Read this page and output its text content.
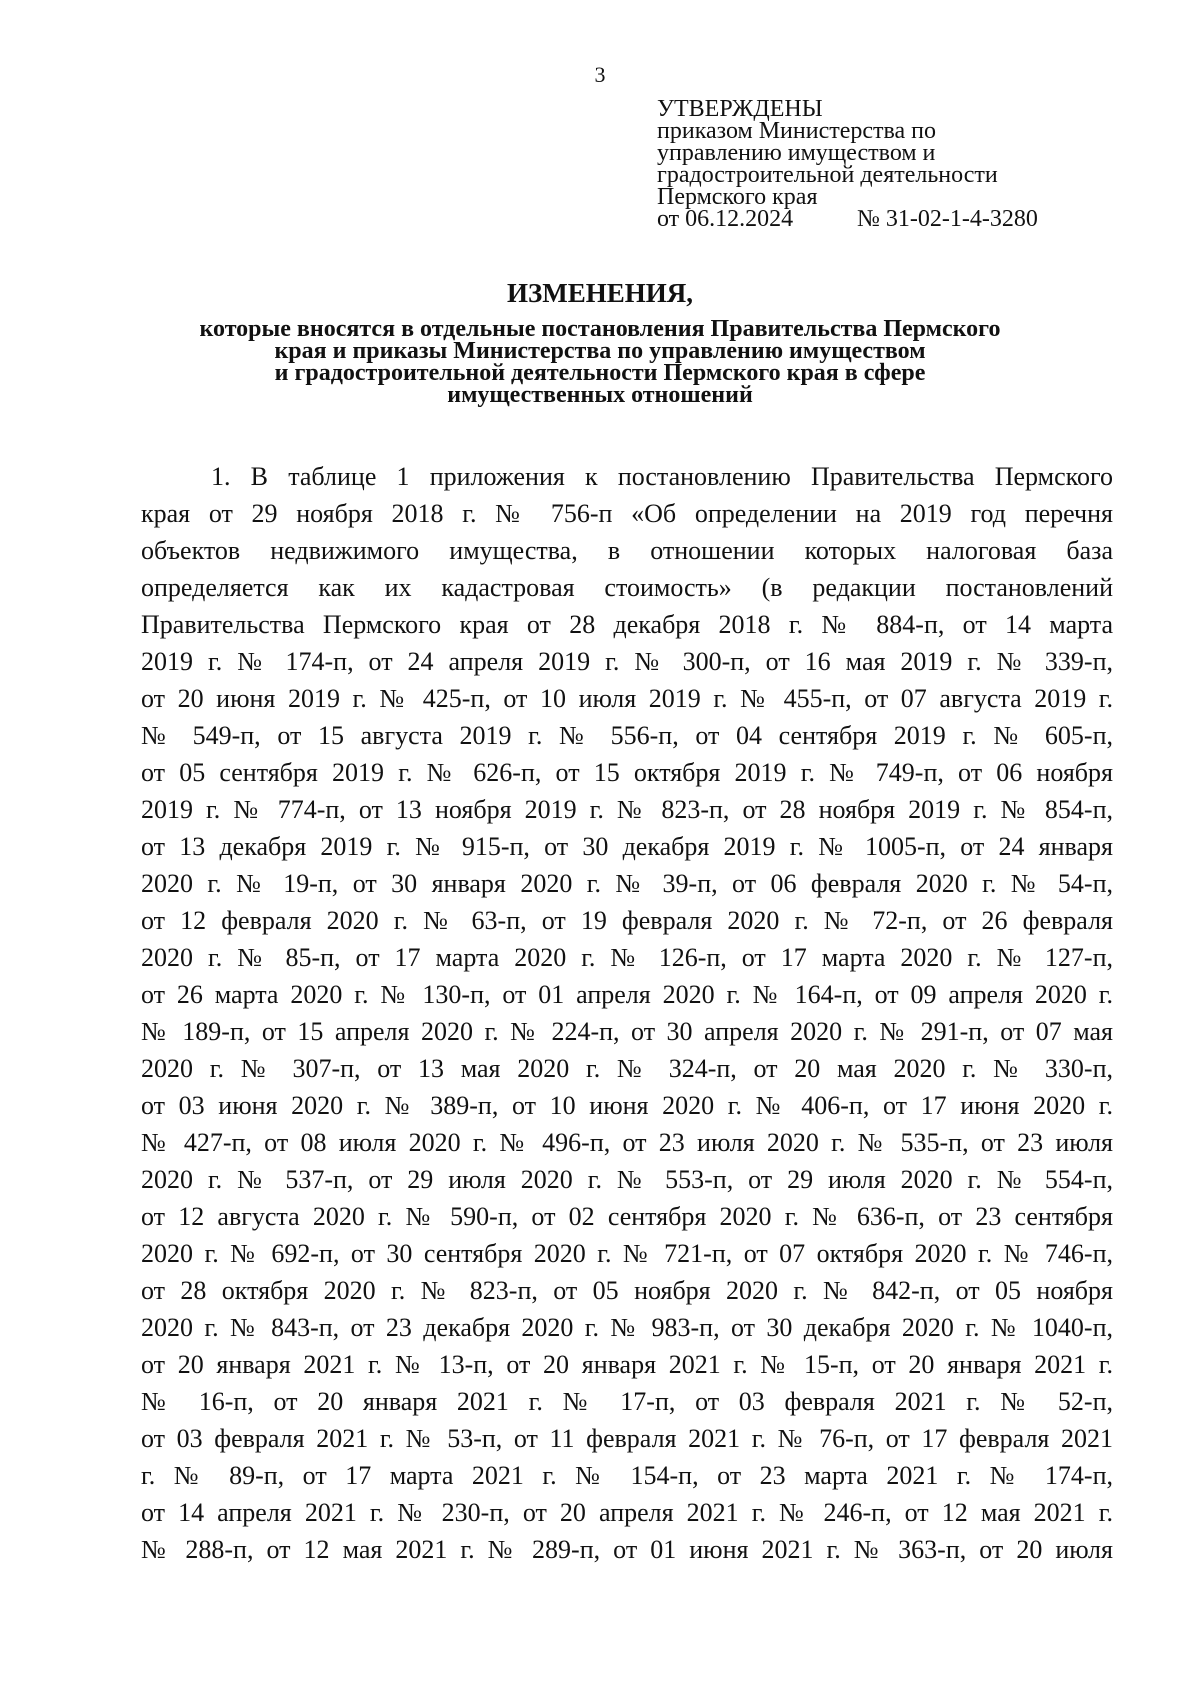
3
УТВЕРЖДЕНЫ
приказом Министерства по
управлению имуществом и
градостроительной деятельности
Пермского края
от 06.12.2024	№ 31-02-1-4-3280
ИЗМЕНЕНИЯ,
которые вносятся в отдельные постановления Правительства Пермского
края и приказы Министерства по управлению имуществом
и градостроительной деятельности Пермского края в сфере
имущественных отношений
1. В таблице 1 приложения к постановлению Правительства Пермского
края от 29 ноября 2018 г. № 756-п «Об определении на 2019 год перечня
объектов недвижимого имущества, в отношении которых налоговая база
определяется как их кадастровая стоимость» (в редакции постановлений
Правительства Пермского края от 28 декабря 2018 г. № 884-п, от 14 марта
2019 г. № 174-п, от 24 апреля 2019 г. № 300-п, от 16 мая 2019 г. № 339-п,
от 20 июня 2019 г. № 425-п, от 10 июля 2019 г. № 455-п, от 07 августа 2019 г.
№ 549-п, от 15 августа 2019 г. № 556-п, от 04 сентября 2019 г. № 605-п,
от 05 сентября 2019 г. № 626-п, от 15 октября 2019 г. № 749-п, от 06 ноября
2019 г. № 774-п, от 13 ноября 2019 г. № 823-п, от 28 ноября 2019 г. № 854-п,
от 13 декабря 2019 г. № 915-п, от 30 декабря 2019 г. № 1005-п, от 24 января
2020 г. № 19-п, от 30 января 2020 г. № 39-п, от 06 февраля 2020 г. № 54-п,
от 12 февраля 2020 г. № 63-п, от 19 февраля 2020 г. № 72-п, от 26 февраля
2020 г. № 85-п, от 17 марта 2020 г. № 126-п, от 17 марта 2020 г. № 127-п,
от 26 марта 2020 г. № 130-п, от 01 апреля 2020 г. № 164-п, от 09 апреля 2020 г.
№ 189-п, от 15 апреля 2020 г. № 224-п, от 30 апреля 2020 г. № 291-п, от 07 мая
2020 г. № 307-п, от 13 мая 2020 г. № 324-п, от 20 мая 2020 г. № 330-п,
от 03 июня 2020 г. № 389-п, от 10 июня 2020 г. № 406-п, от 17 июня 2020 г.
№ 427-п, от 08 июля 2020 г. № 496-п, от 23 июля 2020 г. № 535-п, от 23 июля
2020 г. № 537-п, от 29 июля 2020 г. № 553-п, от 29 июля 2020 г. № 554-п,
от 12 августа 2020 г. № 590-п, от 02 сентября 2020 г. № 636-п, от 23 сентября
2020 г. № 692-п, от 30 сентября 2020 г. № 721-п, от 07 октября 2020 г. № 746-п,
от 28 октября 2020 г. № 823-п, от 05 ноября 2020 г. № 842-п, от 05 ноября
2020 г. № 843-п, от 23 декабря 2020 г. № 983-п, от 30 декабря 2020 г. № 1040-п,
от 20 января 2021 г. № 13-п, от 20 января 2021 г. № 15-п, от 20 января 2021 г.
№ 16-п, от 20 января 2021 г. № 17-п, от 03 февраля 2021 г. № 52-п,
от 03 февраля 2021 г. № 53-п, от 11 февраля 2021 г. № 76-п, от 17 февраля 2021
г. № 89-п, от 17 марта 2021 г. № 154-п, от 23 марта 2021 г. № 174-п,
от 14 апреля 2021 г. № 230-п, от 20 апреля 2021 г. № 246-п, от 12 мая 2021 г.
№ 288-п, от 12 мая 2021 г. № 289-п, от 01 июня 2021 г. № 363-п, от 20 июля
